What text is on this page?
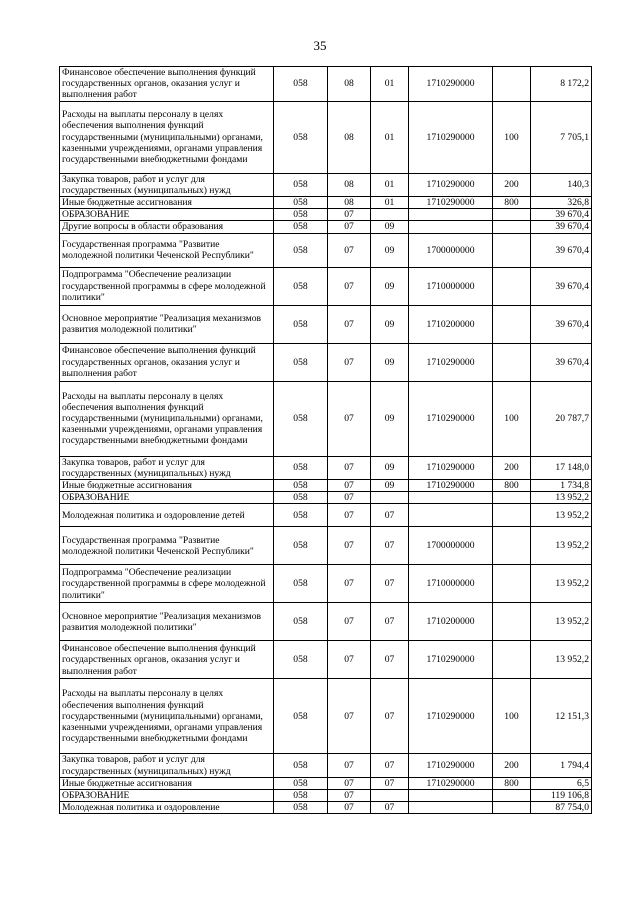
35
Финансовое обеспечение выполнения функций государственных органов, оказания услуг и выполнения работ	058	08	01	1710290000		8 172,2
Расходы на выплаты персоналу в целях обеспечения выполнения функций государственными (муниципальными) органами, казенными учреждениями, органами управления государственными внебюджетными фондами	058	08	01	1710290000	100	7 705,1
Закупка товаров, работ и услуг для государственных (муниципальных) нужд	058	08	01	1710290000	200	140,3
Иные бюджетные ассигнования	058	08	01	1710290000	800	326,8
ОБРАЗОВАНИЕ	058	07				39 670,4
Другие вопросы в области образования	058	07	09			39 670,4
Государственная программа "Развитие молодежной политики Чеченской Республики"	058	07	09	1700000000		39 670,4
Подпрограмма "Обеспечение реализации государственной программы в сфере молодежной политики"	058	07	09	1710000000		39 670,4
Основное мероприятие "Реализация механизмов развития молодежной политики"	058	07	09	1710200000		39 670,4
Финансовое обеспечение выполнения функций государственных органов, оказания услуг и выполнения работ	058	07	09	1710290000		39 670,4
Расходы на выплаты персоналу в целях обеспечения выполнения функций государственными (муниципальными) органами, казенными учреждениями, органами управления государственными внебюджетными фондами	058	07	09	1710290000	100	20 787,7
Закупка товаров, работ и услуг для государственных (муниципальных) нужд	058	07	09	1710290000	200	17 148,0
Иные бюджетные ассигнования	058	07	09	1710290000	800	1 734,8
ОБРАЗОВАНИЕ	058	07				13 952,2
Молодежная политика и оздоровление детей	058	07	07			13 952,2
Государственная программа "Развитие молодежной политики Чеченской Республики"	058	07	07	1700000000		13 952,2
Подпрограмма "Обеспечение реализации государственной программы в сфере молодежной политики"	058	07	07	1710000000		13 952,2
Основное мероприятие "Реализация механизмов развития молодежной политики"	058	07	07	1710200000		13 952,2
Финансовое обеспечение выполнения функций государственных органов, оказания услуг и выполнения работ	058	07	07	1710290000		13 952,2
Расходы на выплаты персоналу в целях обеспечения выполнения функций государственными (муниципальными) органами, казенными учреждениями, органами управления государственными внебюджетными фондами	058	07	07	1710290000	100	12 151,3
Закупка товаров, работ и услуг для государственных (муниципальных) нужд	058	07	07	1710290000	200	1 794,4
Иные бюджетные ассигнования	058	07	07	1710290000	800	6,5
ОБРАЗОВАНИЕ	058	07				119 106,8
Молодежная политика и оздоровление	058	07	07			87 754,0
